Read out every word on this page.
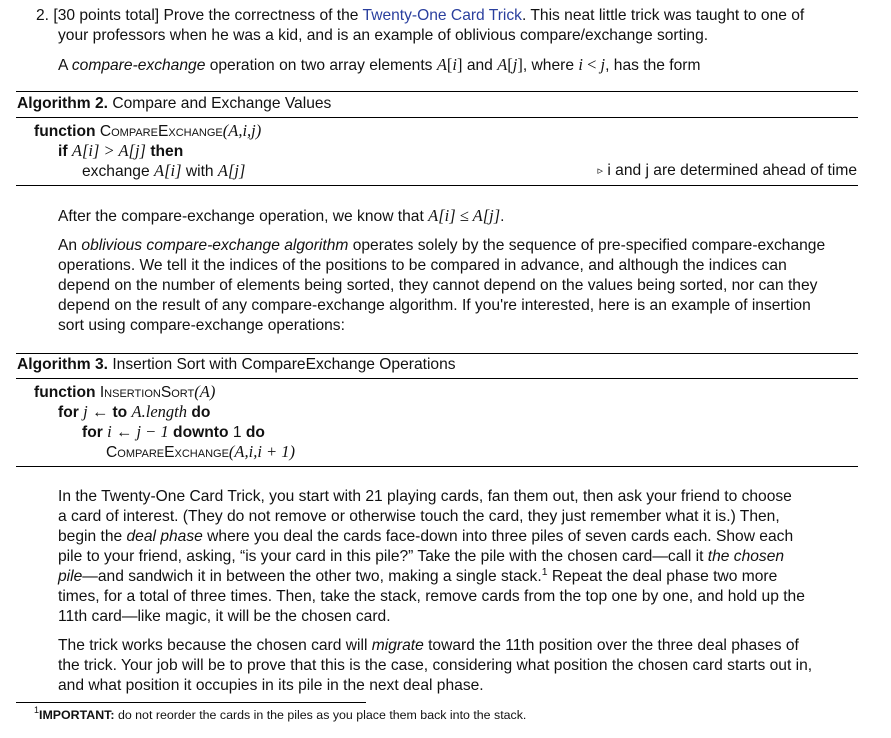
2. [30 points total] Prove the correctness of the Twenty-One Card Trick. This neat little trick was taught to one of
your professors when he was a kid, and is an example of oblivious compare/exchange sorting.
A compare-exchange operation on two array elements A[i] and A[j], where i < j, has the form
Algorithm 2. Compare and Exchange Values
function CompareExchange(A,i,j)
if A[i] > A[j] then
exchange A[i] with A[j]	▹ i and j are determined ahead of time
After the compare-exchange operation, we know that A[i] ≤ A[j].
An oblivious compare-exchange algorithm operates solely by the sequence of pre-specified compare-exchange
operations. We tell it the indices of the positions to be compared in advance, and although the indices can
depend on the number of elements being sorted, they cannot depend on the values being sorted, nor can they
depend on the result of any compare-exchange algorithm. If you're interested, here is an example of insertion
sort using compare-exchange operations:
Algorithm 3. Insertion Sort with CompareExchange Operations
function InsertionSort(A)
for j ← to A.length do
for i ← j − 1 downto 1 do
CompareExchange(A,i,i + 1)
In the Twenty-One Card Trick, you start with 21 playing cards, fan them out, then ask your friend to choose
a card of interest. (They do not remove or otherwise touch the card, they just remember what it is.) Then,
begin the deal phase where you deal the cards face-down into three piles of seven cards each. Show each
pile to your friend, asking, “is your card in this pile?” Take the pile with the chosen card—call it the chosen
pile—and sandwich it in between the other two, making a single stack.$^1$ Repeat the deal phase two more
times, for a total of three times. Then, take the stack, remove cards from the top one by one, and hold up the
11th card—like magic, it will be the chosen card.
The trick works because the chosen card will migrate toward the 11th position over the three deal phases of
the trick. Your job will be to prove that this is the case, considering what position the chosen card starts out in,
and what position it occupies in its pile in the next deal phase.
$^1$IMPORTANT: do not reorder the cards in the piles as you place them back into the stack.
